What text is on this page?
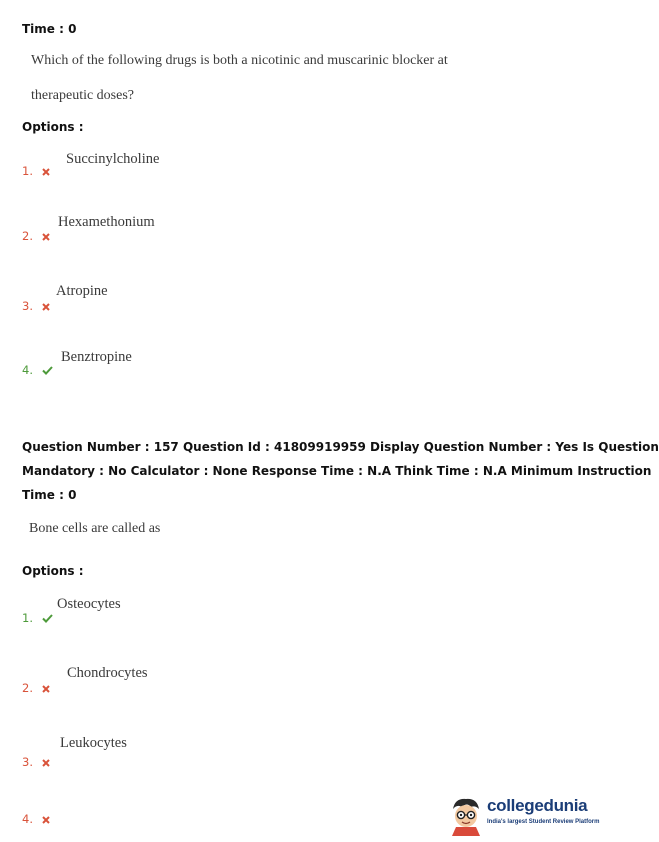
Time : 0
Which of the following drugs is both a nicotinic and muscarinic blocker at
therapeutic doses?
Options :
1.
Succinylcholine
2.
Hexamethonium
3.
Atropine
4.
Benztropine
Question Number : 157 Question Id : 41809919959 Display Question Number : Yes Is Question
Mandatory : No Calculator : None Response Time : N.A Think Time : N.A Minimum Instruction
Time : 0
Bone cells are called as
Options :
1.
Osteocytes
2.
Chondrocytes
3.
Leukocytes
4.
collegedunia
India's largest Student Review Platform
